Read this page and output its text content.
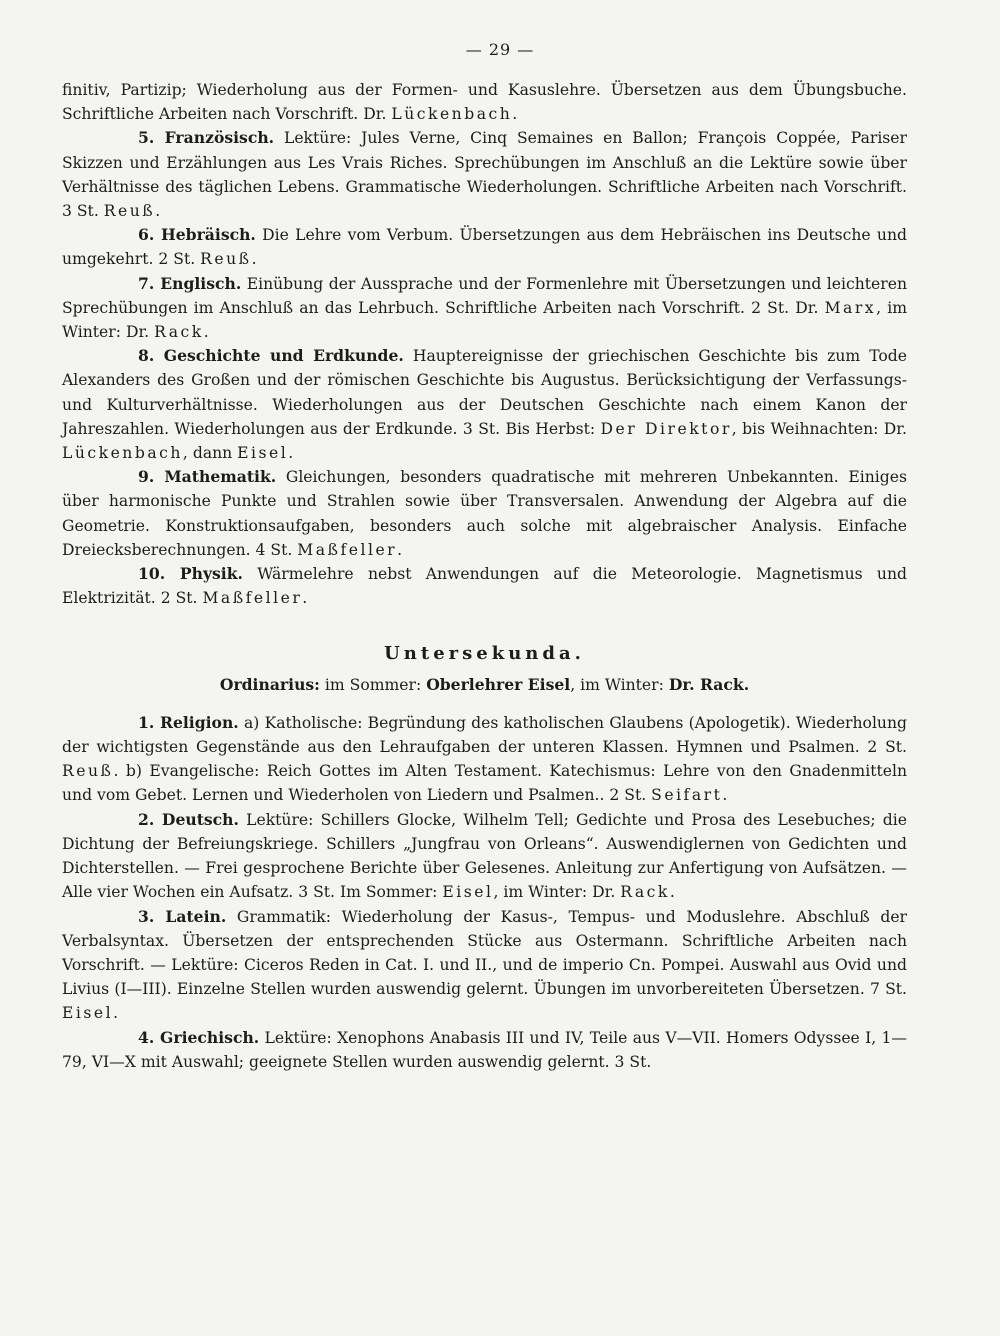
— 29 —

finitiv, Partizip; Wiederholung aus der Formen- und Kasuslehre. Übersetzen aus dem Übungsbuche. Schriftliche Arbeiten nach Vorschrift. Dr. Lückenbach.

5. Französisch. Lektüre: Jules Verne, Cinq Semaines en Ballon; François Coppée, Pariser Skizzen und Erzählungen aus Les Vrais Riches. Sprechübungen im Anschluß an die Lektüre sowie über Verhältnisse des täglichen Lebens. Grammatische Wiederholungen. Schriftliche Arbeiten nach Vorschrift. 3 St. Reuß.

6. Hebräisch. Die Lehre vom Verbum. Übersetzungen aus dem Hebräischen ins Deutsche und umgekehrt. 2 St. Reuß.

7. Englisch. Einübung der Aussprache und der Formenlehre mit Übersetzungen und leichteren Sprechübungen im Anschluß an das Lehrbuch. Schriftliche Arbeiten nach Vorschrift. 2 St. Dr. Marx, im Winter: Dr. Rack.

8. Geschichte und Erdkunde. Hauptereignisse der griechischen Geschichte bis zum Tode Alexanders des Großen und der römischen Geschichte bis Augustus. Berücksichtigung der Verfassungs- und Kulturverhältnisse. Wiederholungen aus der Deutschen Geschichte nach einem Kanon der Jahreszahlen. Wiederholungen aus der Erdkunde. 3 St. Bis Herbst: Der Direktor, bis Weihnachten: Dr. Lückenbach, dann Eisel.

9. Mathematik. Gleichungen, besonders quadratische mit mehreren Unbekannten. Einiges über harmonische Punkte und Strahlen sowie über Transversalen. Anwendung der Algebra auf die Geometrie. Konstruktionsaufgaben, besonders auch solche mit algebraischer Analysis. Einfache Dreiecksberechnungen. 4 St. Maßfeller.

10. Physik. Wärmelehre nebst Anwendungen auf die Meteorologie. Magnetismus und Elektrizität. 2 St. Maßfeller.

Untersekunda.
Ordinarius: im Sommer: Oberlehrer Eisel, im Winter: Dr. Rack.

1. Religion. a) Katholische: Begründung des katholischen Glaubens (Apologetik). Wiederholung der wichtigsten Gegenstände aus den Lehraufgaben der unteren Klassen. Hymnen und Psalmen. 2 St. Reuß. b) Evangelische: Reich Gottes im Alten Testament. Katechismus: Lehre von den Gnadenmitteln und vom Gebet. Lernen und Wiederholen von Liedern und Psalmen.. 2 St. Seifart.

2. Deutsch. Lektüre: Schillers Glocke, Wilhelm Tell; Gedichte und Prosa des Lesebuches; die Dichtung der Befreiungskriege. Schillers „Jungfrau von Orleans“. Auswendiglernen von Gedichten und Dichterstellen. — Frei gesprochene Berichte über Gelesenes. Anleitung zur Anfertigung von Aufsätzen. — Alle vier Wochen ein Aufsatz. 3 St. Im Sommer: Eisel, im Winter: Dr. Rack.

3. Latein. Grammatik: Wiederholung der Kasus-, Tempus- und Moduslehre. Abschluß der Verbalsyntax. Übersetzen der entsprechenden Stücke aus Ostermann. Schriftliche Arbeiten nach Vorschrift. — Lektüre: Ciceros Reden in Cat. I. und II., und de imperio Cn. Pompei. Auswahl aus Ovid und Livius (I—III). Einzelne Stellen wurden auswendig gelernt. Übungen im unvorbereiteten Übersetzen. 7 St. Eisel.

4. Griechisch. Lektüre: Xenophons Anabasis III und IV, Teile aus V—VII. Homers Odyssee I, 1—79, VI—X mit Auswahl; geeignete Stellen wurden auswendig gelernt. 3 St.
